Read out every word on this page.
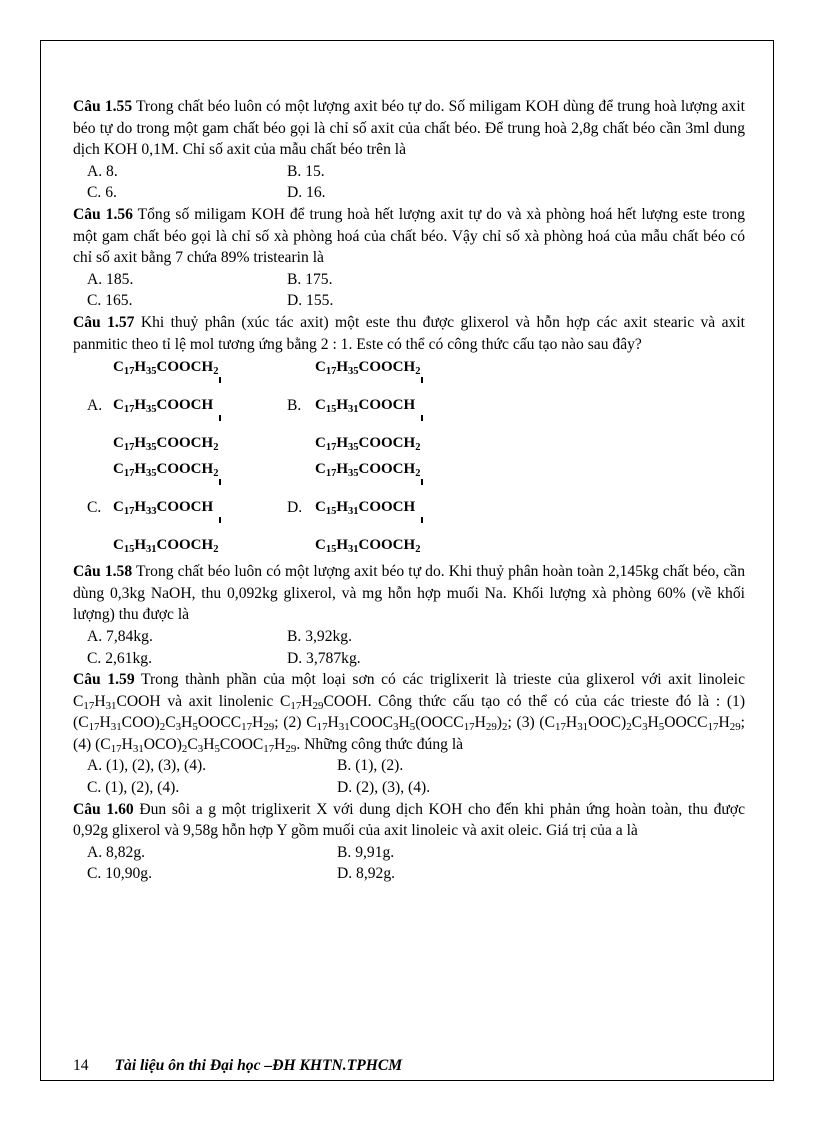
Câu 1.55 Trong chất béo luôn có một lượng axit béo tự do. Số miligam KOH dùng để trung hoà lượng axit béo tự do trong một gam chất béo gọi là chỉ số axit của chất béo. Để trung hoà 2,8g chất béo cần 3ml dung dịch KOH 0,1M. Chỉ số axit của mẫu chất béo trên là
A. 8.	B. 15.
C. 6.	D. 16.
Câu 1.56 Tổng số miligam KOH để trung hoà hết lượng axit tự do và xà phòng hoá hết lượng este trong một gam chất béo gọi là chỉ số xà phòng hoá của chất béo. Vậy chỉ số xà phòng hoá của mẫu chất béo có chỉ số axit bằng 7 chứa 89% tristearin là
A. 185.	B. 175.
C. 165.	D. 155.
Câu 1.57 Khi thuỷ phân (xúc tác axit) một este thu được glixerol và hỗn hợp các axit stearic và axit panmitic theo tỉ lệ mol tương ứng bằng 2 : 1. Este có thể có công thức cấu tạo nào sau đây?
A.
$C_{17}H_{35}COOCH_2$
$C_{17}H_{35}COOCH$
$C_{17}H_{35}COOCH_2$
B.
$C_{17}H_{35}COOCH_2$
$C_{15}H_{31}COOCH$
$C_{17}H_{35}COOCH_2$
C.
$C_{17}H_{35}COOCH_2$
$C_{17}H_{33}COOCH$
$C_{15}H_{31}COOCH_2$
D.
$C_{17}H_{35}COOCH_2$
$C_{15}H_{31}COOCH$
$C_{15}H_{31}COOCH_2$
Câu 1.58 Trong chất béo luôn có một lượng axit béo tự do. Khi thuỷ phân hoàn toàn 2,145kg chất béo, cần dùng 0,3kg NaOH, thu 0,092kg glixerol, và mg hỗn hợp muối Na. Khối lượng xà phòng 60% (về khối lượng) thu được là
A. 7,84kg.	B. 3,92kg.
C. 2,61kg.	D. 3,787kg.
Câu 1.59 Trong thành phần của một loại sơn có các triglixerit là trieste của glixerol với axit linoleic $C_{17}H_{31}COOH$ và axit linolenic $C_{17}H_{29}COOH$. Công thức cấu tạo có thể có của các trieste đó là : (1) $(C_{17}H_{31}COO)_2C_3H_5OOCC_{17}H_{29}$; (2) $C_{17}H_{31}COOC_3H_5(OOCC_{17}H_{29})_2$; (3) $(C_{17}H_{31}OOC)_2C_3H_5OOCC_{17}H_{29}$; (4) $(C_{17}H_{31}OCO)_2C_3H_5COOC_{17}H_{29}$. Những công thức đúng là
A. (1), (2), (3), (4).	B. (1), (2).
C. (1), (2), (4).	D. (2), (3), (4).
Câu 1.60 Đun sôi a g một triglixerit X với dung dịch KOH cho đến khi phản ứng hoàn toàn, thu được 0,92g glixerol và 9,58g hỗn hợp Y gồm muối của axit linoleic và axit oleic. Giá trị của a là
A. 8,82g.	B. 9,91g.
C. 10,90g.	D. 8,92g.
14 Tài liệu ôn thi Đại học –ĐH KHTN.TPHCM
